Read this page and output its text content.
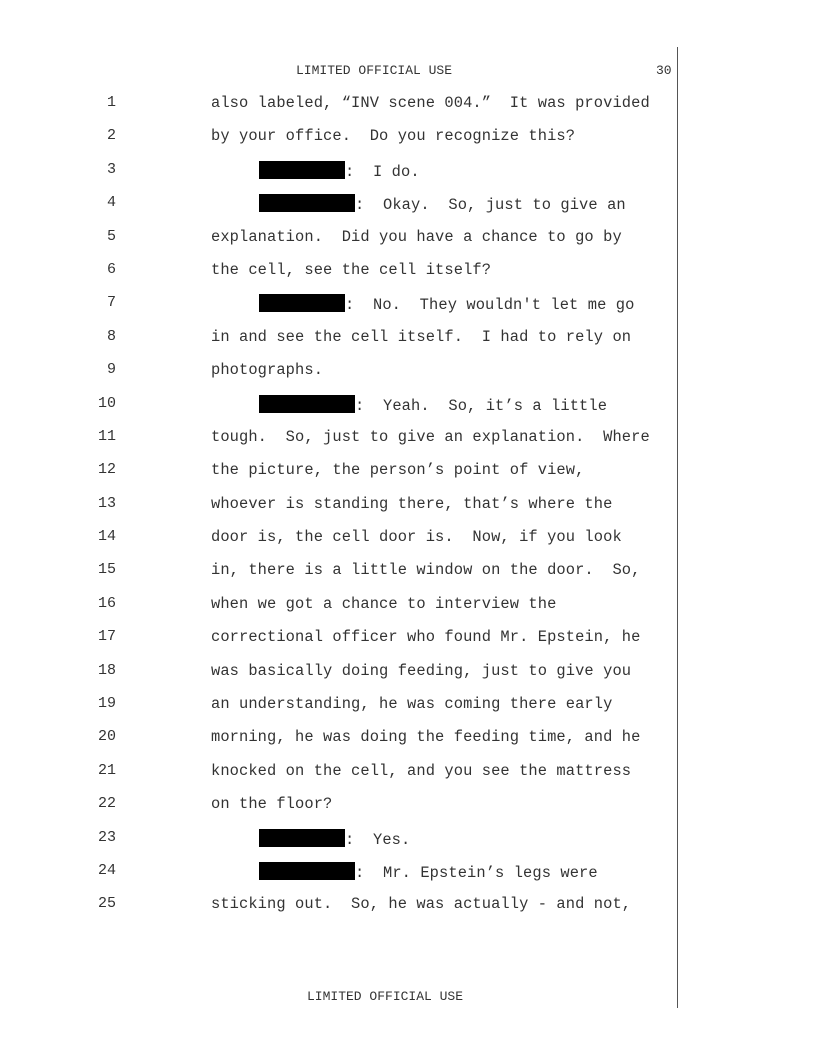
LIMITED OFFICIAL USE	30
1	also labeled, “INV scene 004.”  It was provided
2	by your office.  Do you recognize this?
3	:  I do.
4	:  Okay.  So, just to give an
5	explanation.  Did you have a chance to go by
6	the cell, see the cell itself?
7	:  No.  They wouldn't let me go
8	in and see the cell itself.  I had to rely on
9	photographs.
10	:  Yeah.  So, it’s a little
11	tough.  So, just to give an explanation.  Where
12	the picture, the person’s point of view,
13	whoever is standing there, that’s where the
14	door is, the cell door is.  Now, if you look
15	in, there is a little window on the door.  So,
16	when we got a chance to interview the
17	correctional officer who found Mr. Epstein, he
18	was basically doing feeding, just to give you
19	an understanding, he was coming there early
20	morning, he was doing the feeding time, and he
21	knocked on the cell, and you see the mattress
22	on the floor?
23	:  Yes.
24	:  Mr. Epstein’s legs were
25	sticking out.  So, he was actually - and not,
LIMITED OFFICIAL USE
